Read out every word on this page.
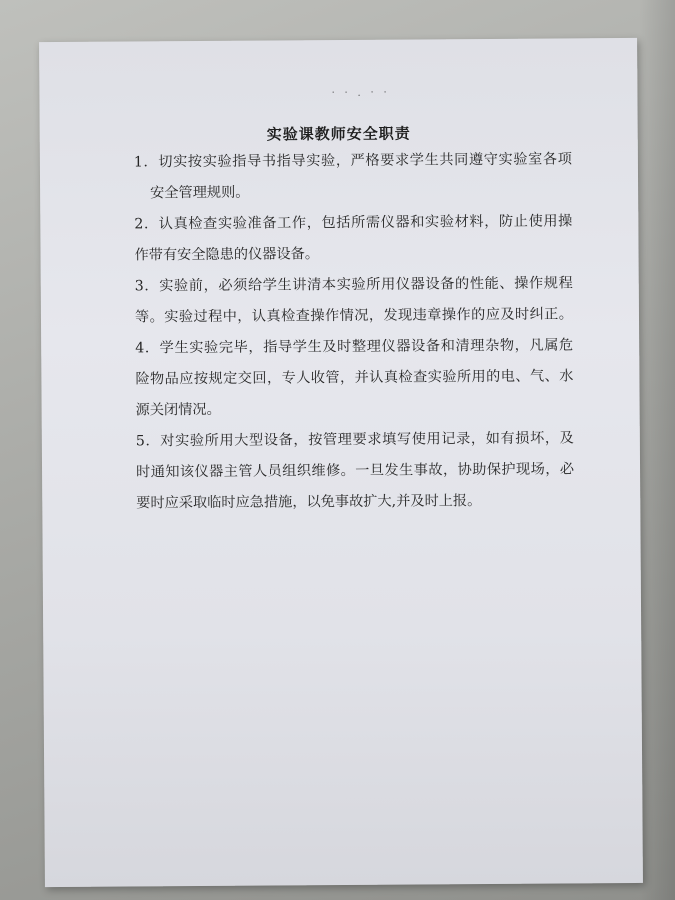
· · . · ·
实验课教师安全职责
1．切实按实验指导书指导实验，严格要求学生共同遵守实验室各项
安全管理规则。
2．认真检查实验准备工作，包括所需仪器和实验材料，防止使用操
作带有安全隐患的仪器设备。
3．实验前，必须给学生讲清本实验所用仪器设备的性能、操作规程
等。实验过程中，认真检查操作情况，发现违章操作的应及时纠正。
4．学生实验完毕，指导学生及时整理仪器设备和清理杂物，凡属危
险物品应按规定交回，专人收管，并认真检查实验所用的电、气、水
源关闭情况。
5．对实验所用大型设备，按管理要求填写使用记录，如有损坏，及
时通知该仪器主管人员组织维修。一旦发生事故，协助保护现场，必
要时应采取临时应急措施，以免事故扩大,并及时上报。
